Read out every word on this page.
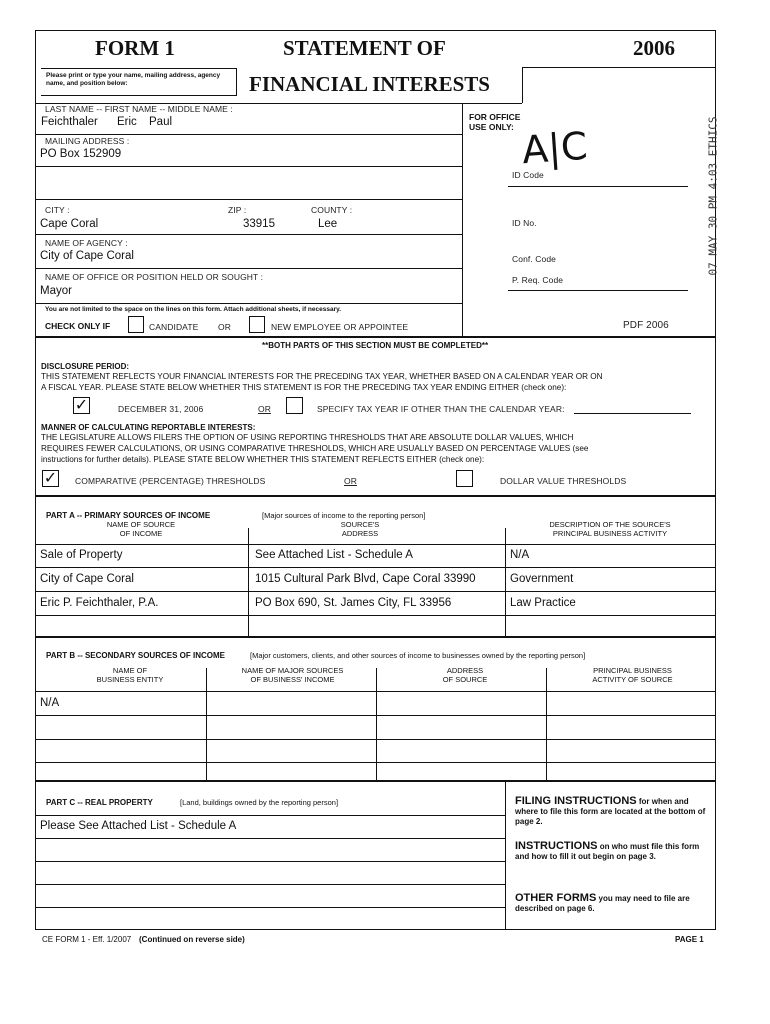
FORM 1	STATEMENT OF	2006
FINANCIAL INTERESTS
Please print or type your name, mailing address, agency name, and position below:
LAST NAME -- FIRST NAME -- MIDDLE NAME :
Feichthaler Eric Paul
MAILING ADDRESS :
PO Box 152909
CITY :	ZIP :	COUNTY :
Cape Coral	33915	Lee
NAME OF AGENCY :
City of Cape Coral
NAME OF OFFICE OR POSITION HELD OR SOUGHT :
Mayor
You are not limited to the space on the lines on this form. Attach additional sheets, if necessary.
CHECK ONLY IF	CANDIDATE OR	NEW EMPLOYEE OR APPOINTEE
FOR OFFICE
USE ONLY: A|C
ID Code
ID No.
Conf. Code
P. Req. Code
07 MAY 30 PM 4:03 ETHICS
PDF 2006
**BOTH PARTS OF THIS SECTION MUST BE COMPLETED**
DISCLOSURE PERIOD:
THIS STATEMENT REFLECTS YOUR FINANCIAL INTERESTS FOR THE PRECEDING TAX YEAR, WHETHER BASED ON A CALENDAR YEAR OR ON
A FISCAL YEAR. PLEASE STATE BELOW WHETHER THIS STATEMENT IS FOR THE PRECEDING TAX YEAR ENDING EITHER (check one):
✓	DECEMBER 31, 2006	OR	SPECIFY TAX YEAR IF OTHER THAN THE CALENDAR YEAR:
MANNER OF CALCULATING REPORTABLE INTERESTS:
THE LEGISLATURE ALLOWS FILERS THE OPTION OF USING REPORTING THRESHOLDS THAT ARE ABSOLUTE DOLLAR VALUES, WHICH
REQUIRES FEWER CALCULATIONS, OR USING COMPARATIVE THRESHOLDS, WHICH ARE USUALLY BASED ON PERCENTAGE VALUES (see
instructions for further details). PLEASE STATE BELOW WHETHER THIS STATEMENT REFLECTS EITHER (check one):
✓ COMPARATIVE (PERCENTAGE) THRESHOLDS	OR	DOLLAR VALUE THRESHOLDS
PART A -- PRIMARY SOURCES OF INCOME	[Major sources of income to the reporting person]
NAME OF SOURCE
OF INCOME
SOURCE'S
ADDRESS
DESCRIPTION OF THE SOURCE'S
PRINCIPAL BUSINESS ACTIVITY
Sale of Property	See Attached List - Schedule A	N/A
City of Cape Coral	1015 Cultural Park Blvd, Cape Coral 33990	Government
Eric P. Feichthaler, P.A.	PO Box 690, St. James City, FL 33956	Law Practice
PART B -- SECONDARY SOURCES OF INCOME	[Major customers, clients, and other sources of income to businesses owned by the reporting person]
NAME OF
BUSINESS ENTITY
NAME OF MAJOR SOURCES
OF BUSINESS' INCOME
ADDRESS
OF SOURCE
PRINCIPAL BUSINESS
ACTIVITY OF SOURCE
N/A
PART C -- REAL PROPERTY	[Land, buildings owned by the reporting person]
Please See Attached List - Schedule A
FILING INSTRUCTIONS for when and where to file this form are located at the bottom of page 2.
INSTRUCTIONS on who must file this form and how to fill it out begin on page 3.
OTHER FORMS you may need to file are described on page 6.
CE FORM 1 - Eff. 1/2007 (Continued on reverse side)	PAGE 1
